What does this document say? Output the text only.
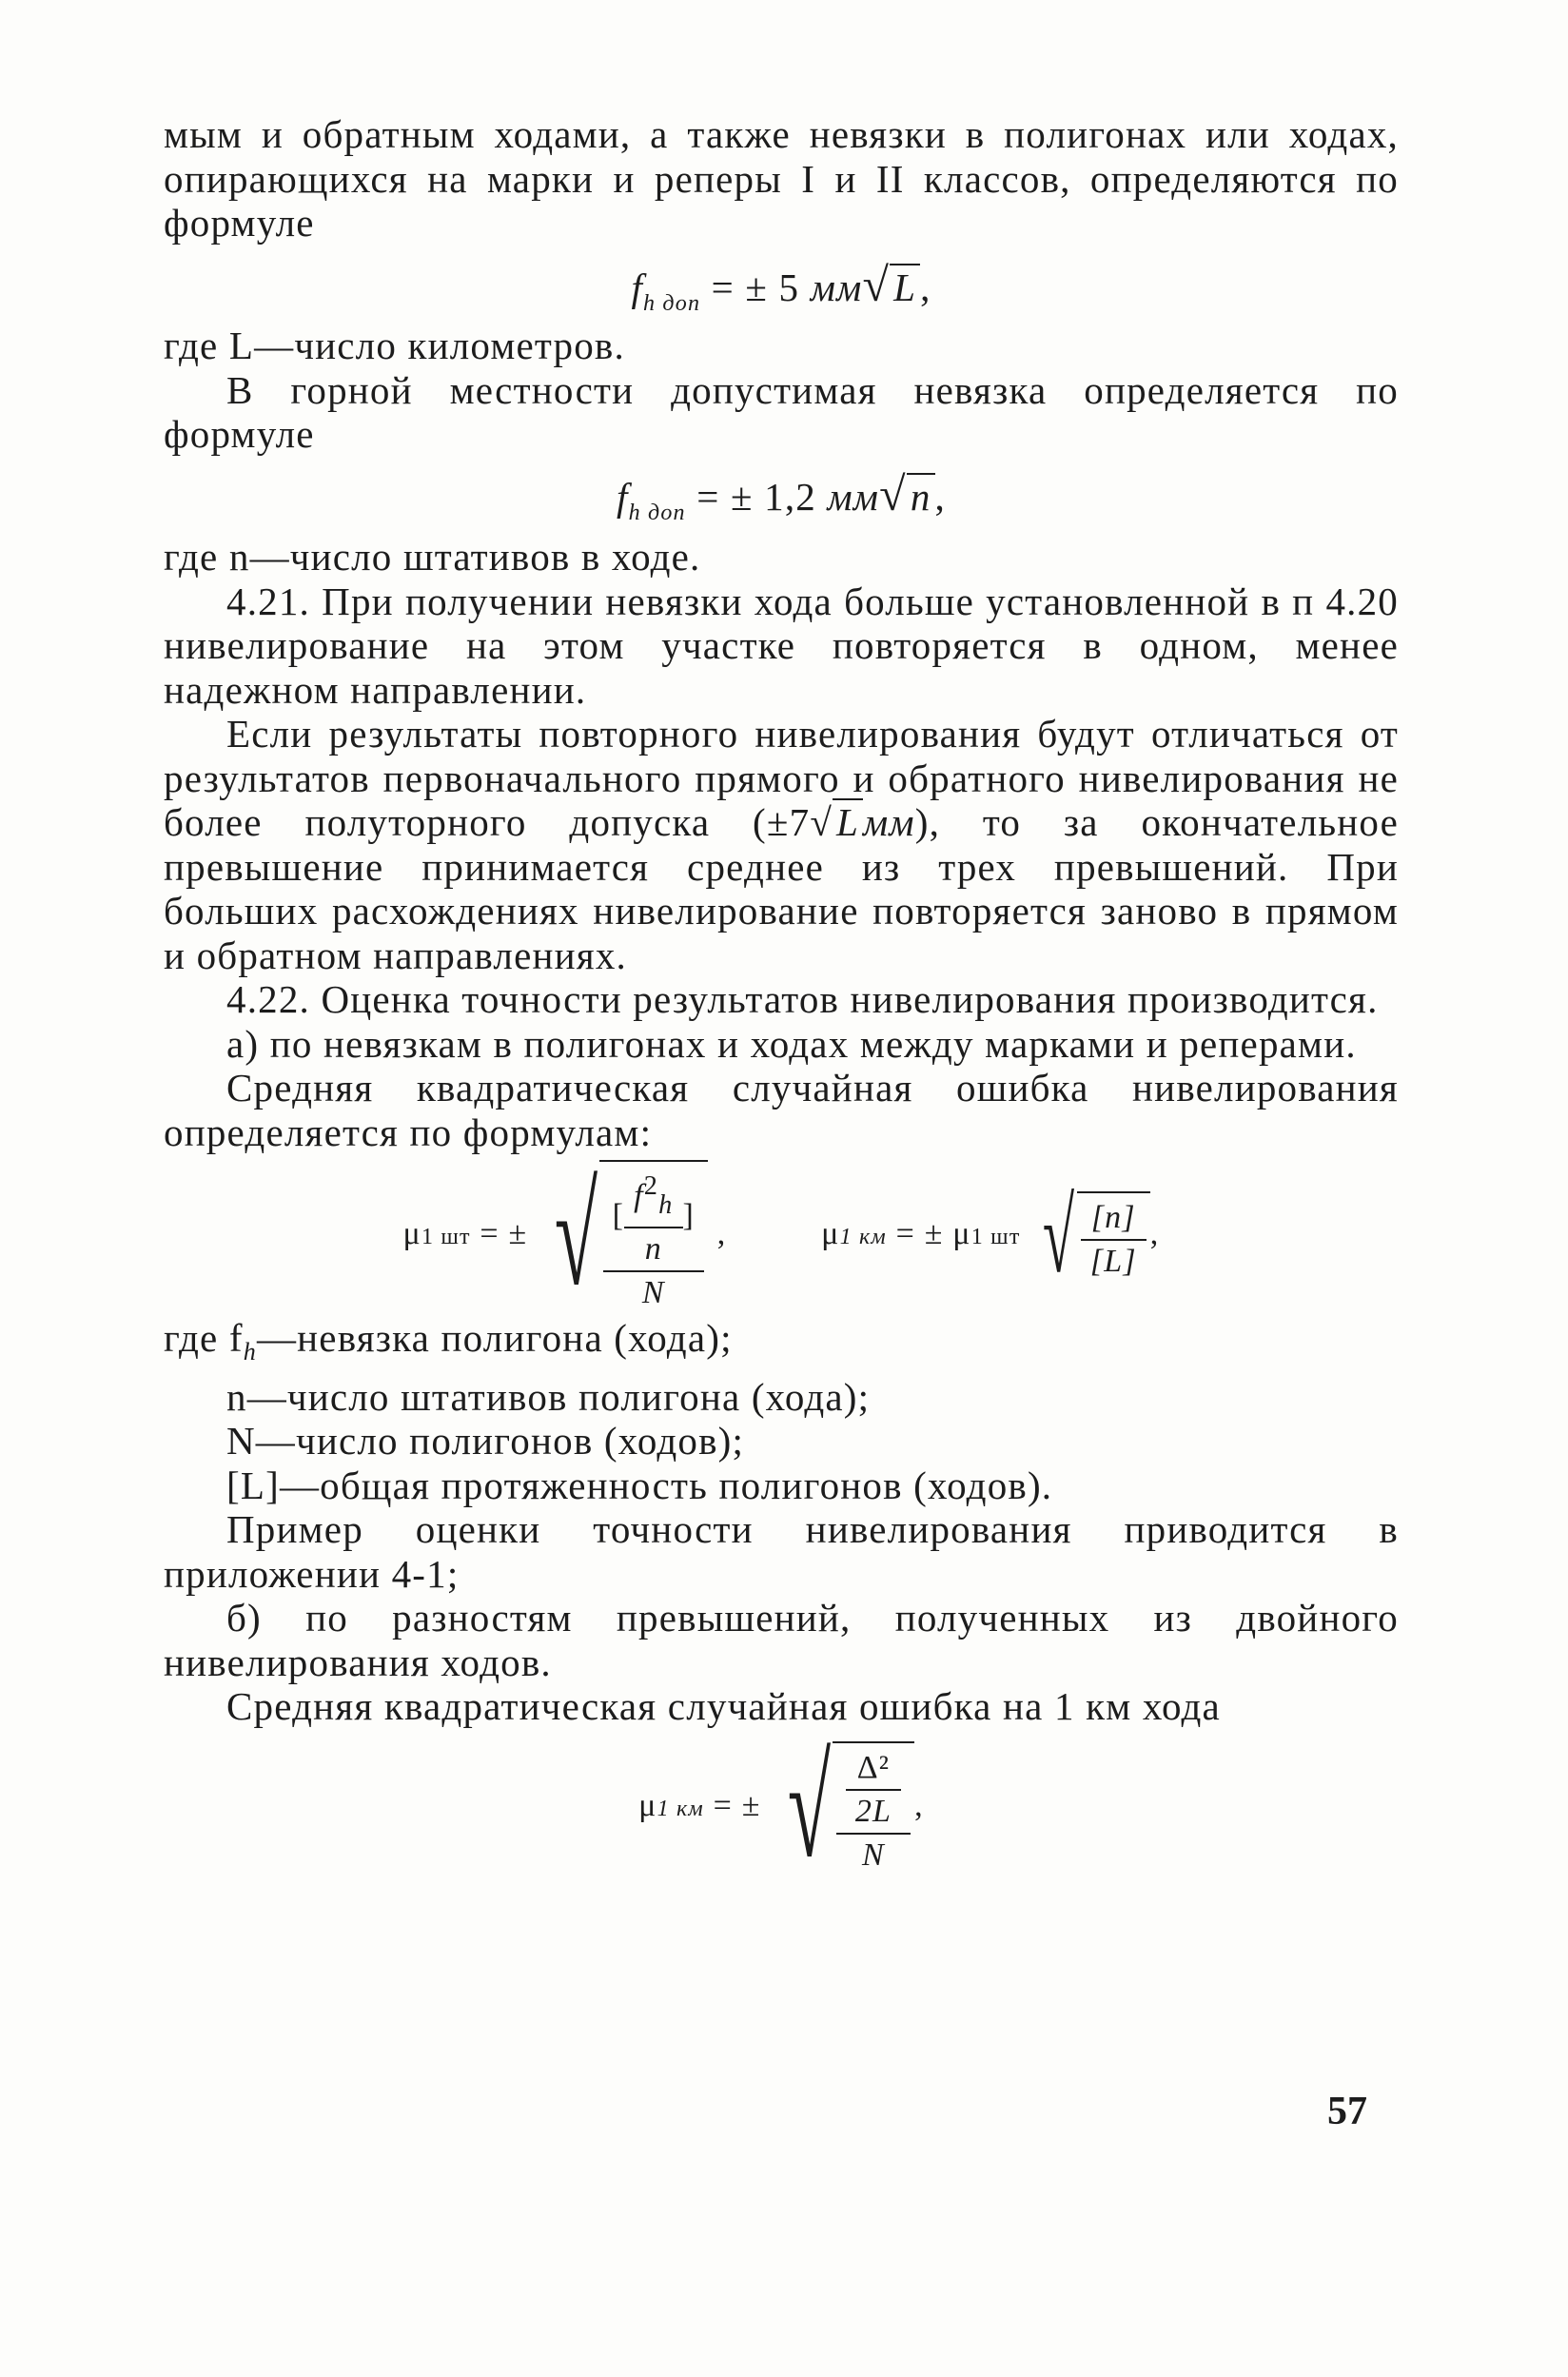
мым и обратным ходами, а также невязки в полигонах или ходах, опирающихся на марки и реперы I и II классов, определяются по формуле

$f_{h доп}$ = ± 5 мм√L,

где L—число километров.

В горной местности допустимая невязка определяется по формуле

$f_{h доп}$ = ± 1,2 мм√n,

где n—число штативов в ходе.

4.21. При получении невязки хода больше установленной в п 4.20 нивелирование на этом участке повторяется в одном, менее надежном направлении.

Если результаты повторного нивелирования будут отличаться от результатов первоначального прямого и обратного нивелирования не более полуторного допуска (±7√Lмм), то за окончательное превышение принимается среднее из трех превышений. При больших расхождениях нивелирование повторяется заново в прямом и обратном направлениях.

4.22. Оценка точности результатов нивелирования производится.

а) по невязкам в полигонах и ходах между марками и реперами.

Средняя квадратическая случайная ошибка нивелирования определяется по формулам:

μ1 шт = ± √ $\frac{[ \frac{f^2_h}{n} ]}{N}$ ,	μ1 км = ± μ1 шт √ $\frac{[n]}{[L]}$ ,

где $f_h—невязка$ полигона (хода);

n—число штативов полигона (хода);

N—число полигонов (ходов);

[L]—общая протяженность полигонов (ходов).

Пример оценки точности нивелирования приводится в приложении 4-1;

б) по разностям превышений, полученных из двойного нивелирования ходов.

Средняя квадратическая случайная ошибка на 1 км хода

μ1 км = ± √ $\frac{\frac{\text{Δ²}}{2L}}{N}$ ,
57
